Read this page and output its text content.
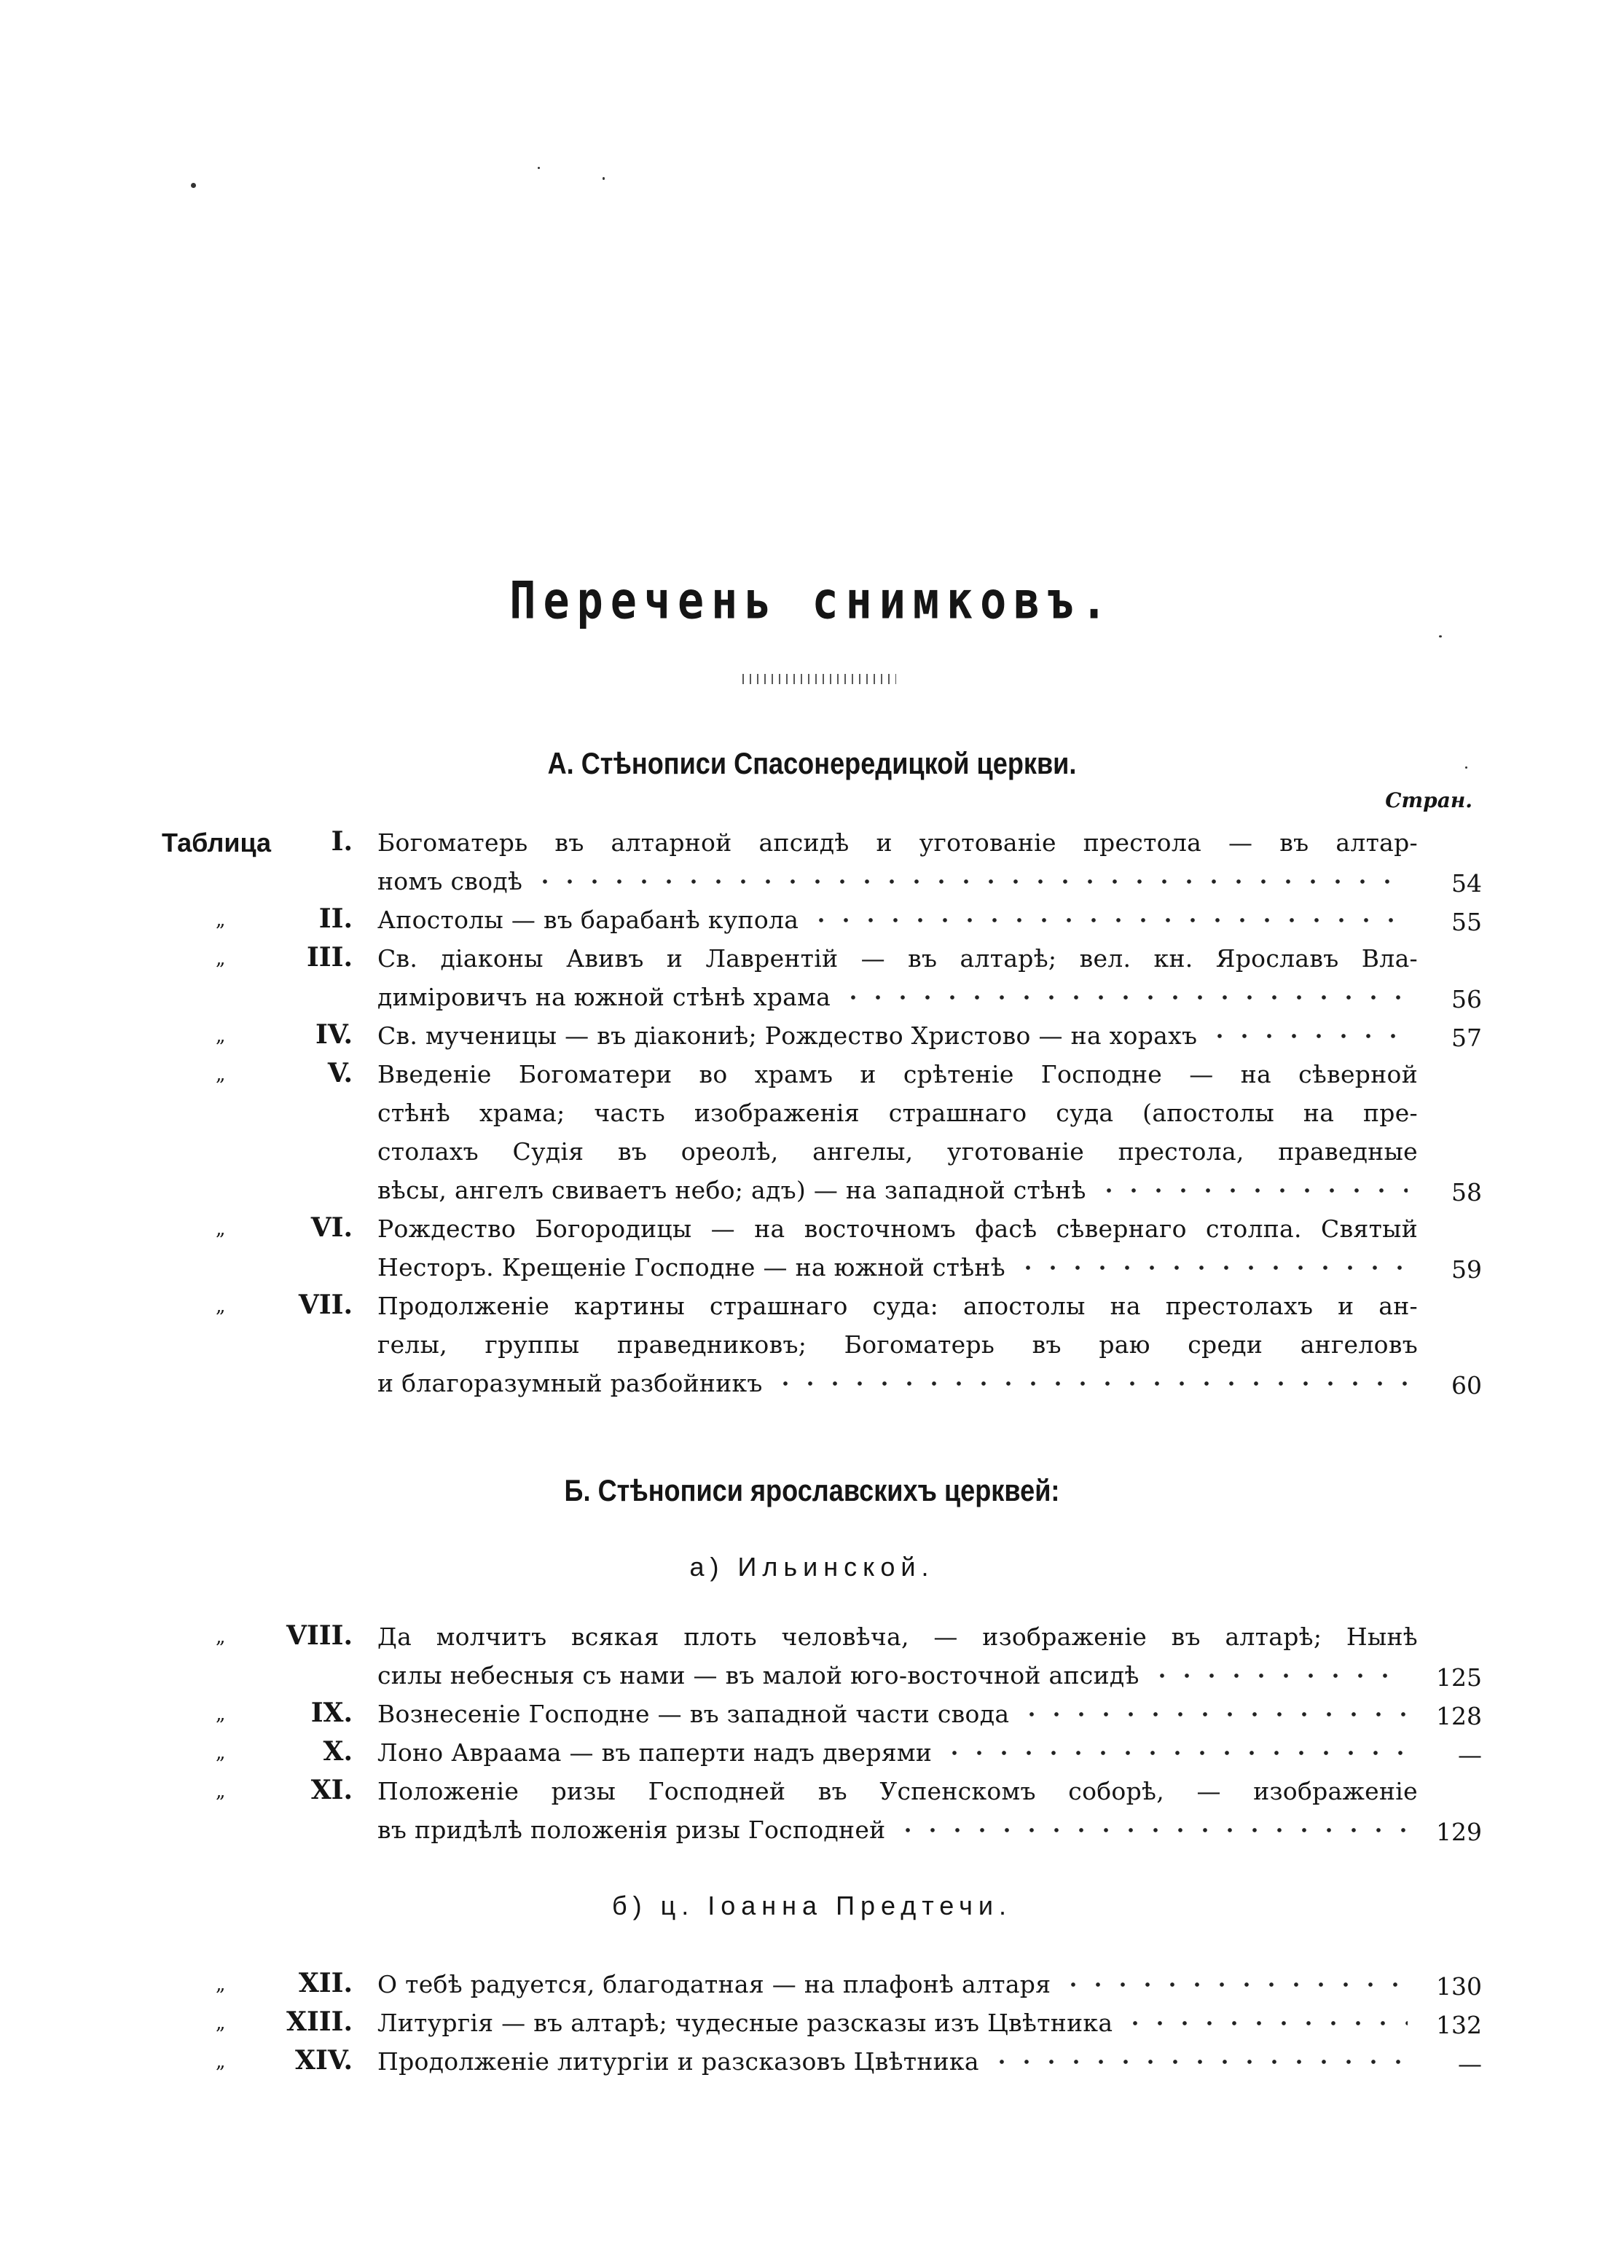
Перечень снимковъ.
А. Стѣнописи Спасонередицкой церкви.
Стран.
Б. Стѣнописи ярославскихъ церквей:
а) Ильинской.
б) ц. Іоанна Предтечи.
Таблица I. Богоматерь въ алтарной апсидѣ и уготованіе престола — въ алтар-
номъ сводѣ	54
„	II. Апостолы — въ барабанѣ купола	55
„	III. Св. діаконы Авивъ и Лаврентій — въ алтарѣ; вел. кн. Ярославъ Вла-
диміровичъ на южной стѣнѣ храма	56
„	IV. Св. мученицы — въ діакониѣ; Рождество Христово — на хорахъ	57
„	V. Введеніе Богоматери во храмъ и срѣтеніе Господне — на сѣверной
стѣнѣ храма; часть изображенія страшнаго суда (апостолы на пре-
столахъ Судія въ ореолѣ, ангелы, уготованіе престола, праведные
вѣсы, ангелъ свиваетъ небо; адъ) — на западной стѣнѣ	58
„	VI. Рождество Богородицы — на восточномъ фасѣ сѣвернаго столпа. Святый
Несторъ. Крещеніе Господне — на южной стѣнѣ	59
„	VII. Продолженіе картины страшнаго суда: апостолы на престолахъ и ан-
гелы, группы праведниковъ; Богоматерь въ раю среди ангеловъ
и благоразумный разбойникъ	60
„ VIII. Да молчитъ всякая плоть человѣча, — изображеніе въ алтарѣ; Нынѣ
силы небесныя съ нами — въ малой юго-восточной апсидѣ	125
„	IX. Вознесеніе Господне — въ западной части свода	128
„	X. Лоно Авраама — въ паперти надъ дверями	—
„	XI. Положеніе ризы Господней въ Успенскомъ соборѣ, — изображеніе
въ придѣлѣ положенія ризы Господней	129
„	XII. О тебѣ радуется, благодатная — на плафонѣ алтаря	130
„ XIII. Литургія — въ алтарѣ; чудесные разсказы изъ Цвѣтника	132
„	XIV. Продолженіе литургіи и разсказовъ Цвѣтника	—
